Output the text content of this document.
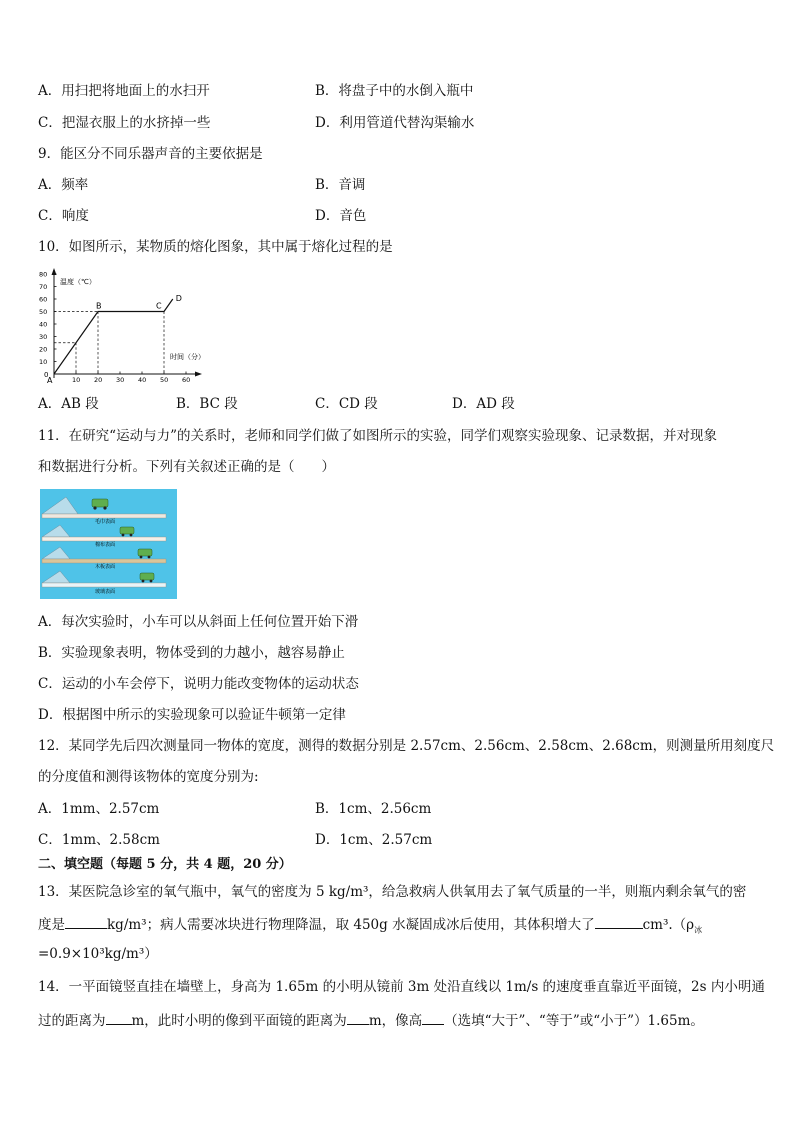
A．用扫把将地面上的水扫开	B．将盘子中的水倒入瓶中
C．把湿衣服上的水挤掉一些	D．利用管道代替沟渠输水
9．能区分不同乐器声音的主要依据是
A．频率	B．音调
C．响度	D．音色
10．如图所示，某物质的熔化图象，其中属于熔化过程的是
10 20 30 40 50 60
10
20
30
40
50
60
70
80
温度（℃）
时间（分）
0
A
B	C
D
A．AB 段	B．BC 段	C．CD 段	D．AD 段
11．在研究“运动与力”的关系时，老师和同学们做了如图所示的实验，同学们观察实验现象、记录数据，并对现象
和数据进行分析。下列有关叙述正确的是（　　）
毛巾表面
棉布表面
木板表面
玻璃表面
A．每次实验时，小车可以从斜面上任何位置开始下滑
B．实验现象表明，物体受到的力越小，越容易静止
C．运动的小车会停下，说明力能改变物体的运动状态
D．根据图中所示的实验现象可以验证牛顿第一定律
12．某同学先后四次测量同一物体的宽度，测得的数据分别是 2.57cm、2.56cm、2.58cm、2.68cm，则测量所用刻度尺
的分度值和测得该物体的宽度分别为:
A．1mm、2.57cm	B．1cm、2.56cm
C．1mm、2.58cm	D．1cm、2.57cm
二、填空题（每题 5 分，共 4 题，20 分）
13．某医院急诊室的氧气瓶中，氧气的密度为 5 kg/m³，给急救病人供氧用去了氧气质量的一半，则瓶内剩余氧气的密
度是	kg/m³；病人需要冰块进行物理降温，取 450g 水凝固成冰后使用，其体积增大了	$cm^3.(\rho_冰$
=0.9×10³kg/m³）
14．一平面镜竖直挂在墙壁上，身高为 1.65m 的小明从镜前 3m 处沿直线以 1m/s 的速度垂直靠近平面镜，2s 内小明通
过的距离为 m，此时小明的像到平面镜的距离为 m，像高 （选填“大于”、“等于”或“小于”）1.65m。
